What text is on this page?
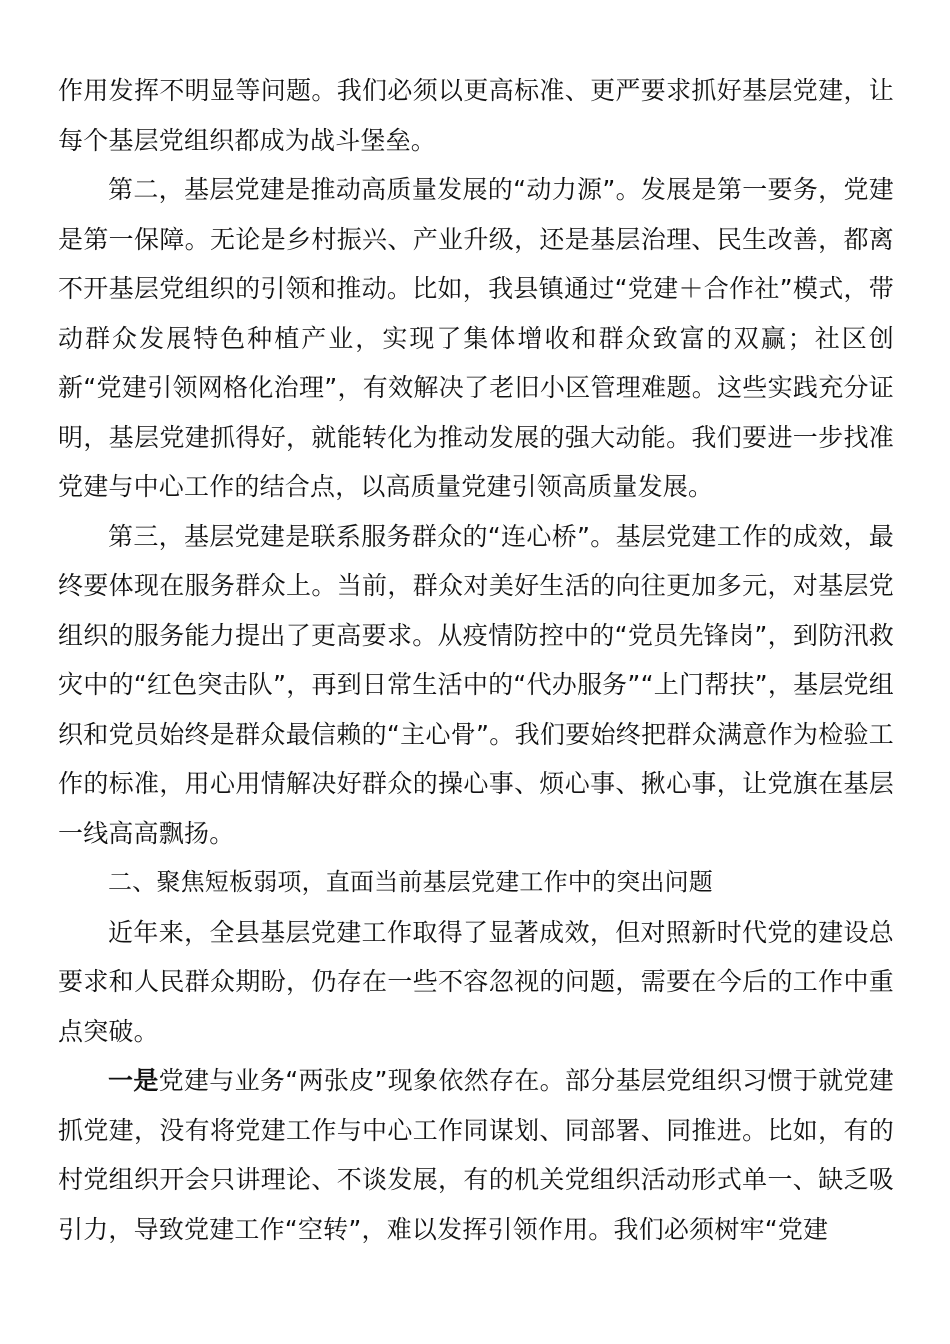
作用发挥不明显等问题。我们必须以更高标准、更严要求抓好基层党建，让每个基层党组织都成为战斗堡垒。

第二，基层党建是推动高质量发展的“动力源”。发展是第一要务，党建是第一保障。无论是乡村振兴、产业升级，还是基层治理、民生改善，都离不开基层党组织的引领和推动。比如，我县镇通过“党建＋合作社”模式，带动群众发展特色种植产业，实现了集体增收和群众致富的双赢；社区创新“党建引领网格化治理”，有效解决了老旧小区管理难题。这些实践充分证明，基层党建抓得好，就能转化为推动发展的强大动能。我们要进一步找准党建与中心工作的结合点，以高质量党建引领高质量发展。

第三，基层党建是联系服务群众的“连心桥”。基层党建工作的成效，最终要体现在服务群众上。当前，群众对美好生活的向往更加多元，对基层党组织的服务能力提出了更高要求。从疫情防控中的“党员先锋岗”，到防汛救灾中的“红色突击队”，再到日常生活中的“代办服务”“上门帮扶”，基层党组织和党员始终是群众最信赖的“主心骨”。我们要始终把群众满意作为检验工作的标准，用心用情解决好群众的操心事、烦心事、揪心事，让党旗在基层一线高高飘扬。

二、聚焦短板弱项，直面当前基层党建工作中的突出问题

近年来，全县基层党建工作取得了显著成效，但对照新时代党的建设总要求和人民群众期盼，仍存在一些不容忽视的问题，需要在今后的工作中重点突破。

一是党建与业务“两张皮”现象依然存在。部分基层党组织习惯于就党建抓党建，没有将党建工作与中心工作同谋划、同部署、同推进。比如，有的村党组织开会只讲理论、不谈发展，有的机关党组织活动形式单一、缺乏吸引力，导致党建工作“空转”，难以发挥引领作用。我们必须树牢“党建
